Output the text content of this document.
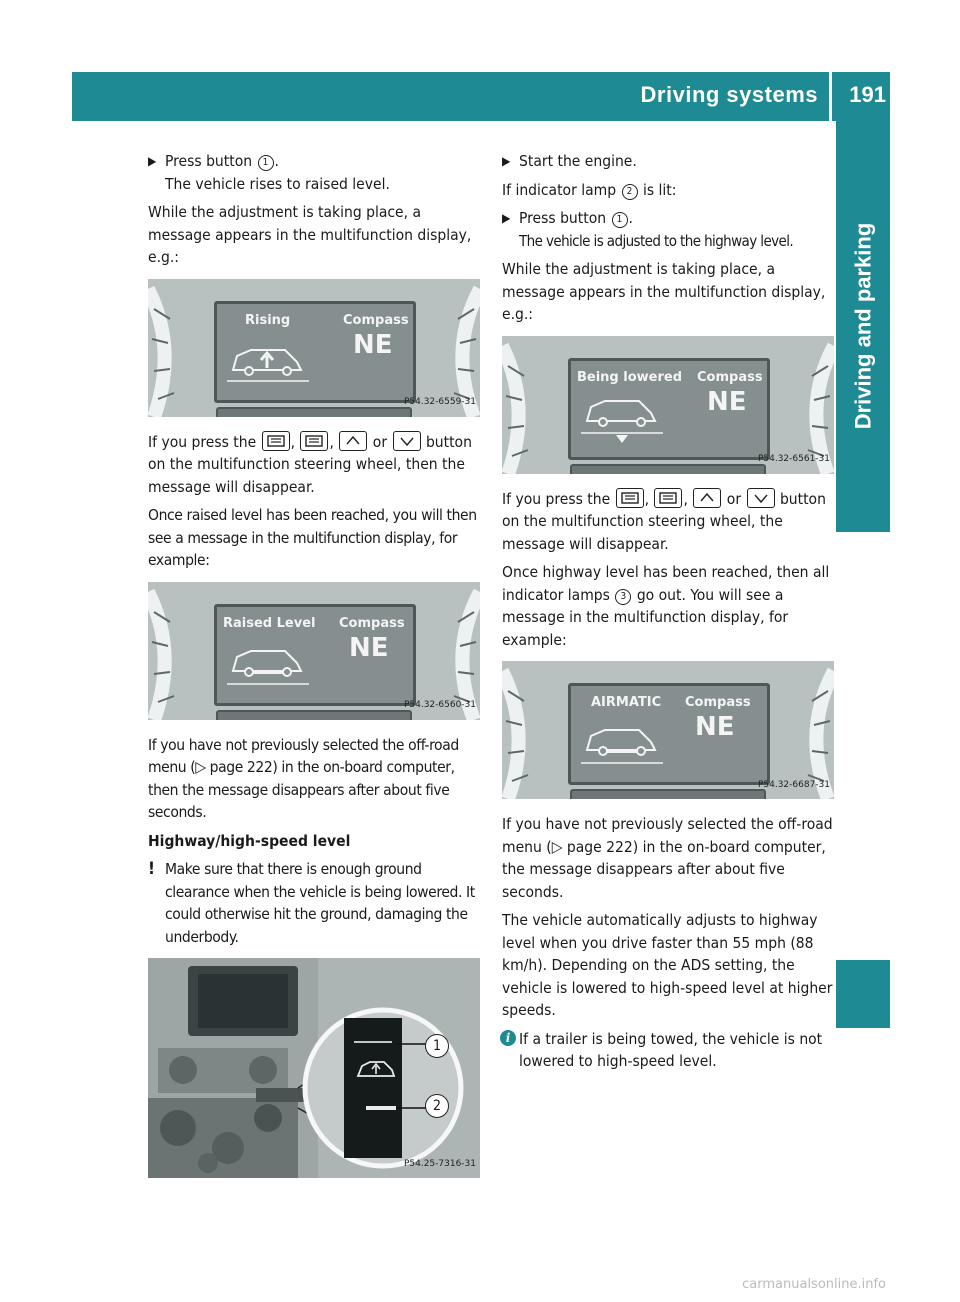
Driving systems 191
Driving and parking
▶ Press button 1 .
The vehicle rises to raised level.

While the adjustment is taking place, a message appears in the multifunction display, e.g.:

Rising	Compass
NE
P54.32-6559-31

If you press the , ,	or	button on the multifunction steering wheel, then the message will disappear.

Once raised level has been reached, you will then see a message in the multifunction display, for example:

Raised Level Compass
NE
P54.32-6560-31

If you have not previously selected the off-road menu (▷ page 222) in the on-board computer, then the message disappears after about five seconds.

Highway/high-speed level

! Make sure that there is enough ground clearance when the vehicle is being lowered. It could otherwise hit the ground, damaging the underbody.
1
2
P54.25-7316-31
▶ Start the engine.

If indicator lamp 2 is lit:

▶ Press button 1 .
The vehicle is adjusted to the highway level.

While the adjustment is taking place, a message appears in the multifunction display, e.g.:

Being lowered Compass
NE
P54.32-6561-31

If you press the , ,	or	button on the multifunction steering wheel, the message will disappear.

Once highway level has been reached, then all indicator lamps 3 go out. You will see a message in the multifunction display, for example:

AIRMATIC Compass
NE
P54.32-6687-31

If you have not previously selected the off-road menu (▷ page 222) in the on-board computer, the message disappears after about five seconds.

The vehicle automatically adjusts to highway level when you drive faster than 55 mph (88 km/h). Depending on the ADS setting, the vehicle is lowered to high-speed level at higher speeds.

i If a trailer is being towed, the vehicle is not lowered to high-speed level.
carmanualsonline.info
